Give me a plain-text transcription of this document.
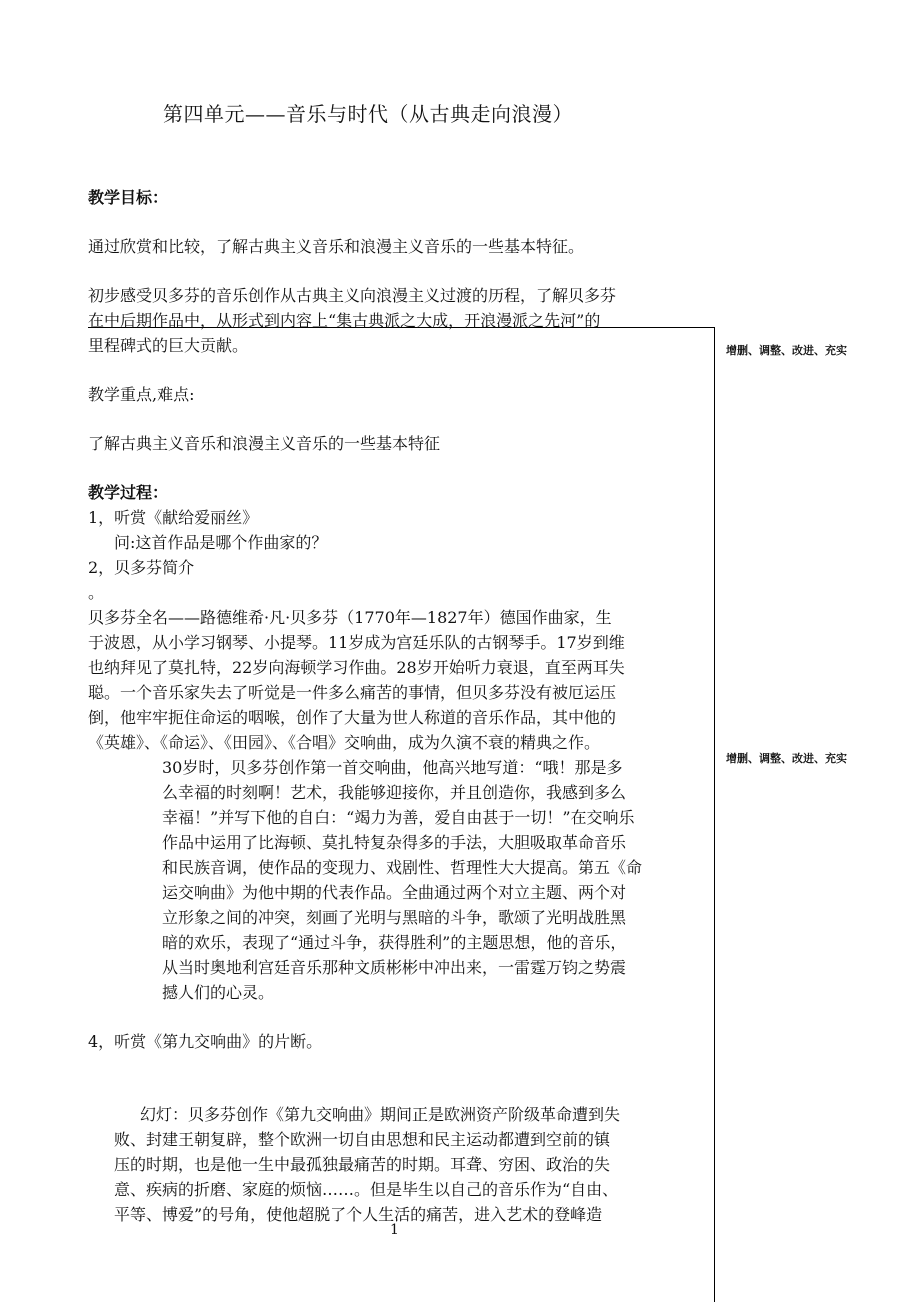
第四单元——音乐与时代（从古典走向浪漫）
增删、调整、改进、充实
增删、调整、改进、充实

教学目标：

通过欣赏和比较，了解古典主义音乐和浪漫主义音乐的一些基本特征。

初步感受贝多芬的音乐创作从古典主义向浪漫主义过渡的历程，了解贝多芬

在中后期作品中，从形式到内容上“集古典派之大成，开浪漫派之先河”的

里程碑式的巨大贡献。

教学重点,难点:

了解古典主义音乐和浪漫主义音乐的一些基本特征

教学过程：

1，听赏《献给爱丽丝》

问:这首作品是哪个作曲家的？

2，贝多芬简介

。

贝多芬全名——路德维希·凡·贝多芬（1770年—1827年）德国作曲家，生

于波恩，从小学习钢琴、小提琴。11岁成为宫廷乐队的古钢琴手。17岁到维

也纳拜见了莫扎特，22岁向海顿学习作曲。28岁开始听力衰退，直至两耳失

聪。一个音乐家失去了听觉是一件多么痛苦的事情，但贝多芬没有被厄运压

倒，他牢牢扼住命运的咽喉，创作了大量为世人称道的音乐作品，其中他的

《英雄》、《命运》、《田园》、《合唱》交响曲，成为久演不衰的精典之作。

30岁时，贝多芬创作第一首交响曲，他高兴地写道：“哦！那是多

么幸福的时刻啊！艺术，我能够迎接你，并且创造你，我感到多么

幸福！”并写下他的自白：“竭力为善，爱自由甚于一切！”在交响乐

作品中运用了比海顿、莫扎特复杂得多的手法，大胆吸取革命音乐

和民族音调，使作品的变现力、戏剧性、哲理性大大提高。第五《命

运交响曲》为他中期的代表作品。全曲通过两个对立主题、两个对

立形象之间的冲突，刻画了光明与黑暗的斗争，歌颂了光明战胜黑

暗的欢乐，表现了“通过斗争，获得胜利”的主题思想，他的音乐，

从当时奥地利宫廷音乐那种文质彬彬中冲出来，一雷霆万钧之势震

撼人们的心灵。

4，听赏《第九交响曲》的片断。

幻灯：贝多芬创作《第九交响曲》期间正是欧洲资产阶级革命遭到失

败、封建王朝复辟，整个欧洲一切自由思想和民主运动都遭到空前的镇

压的时期，也是他一生中最孤独最痛苦的时期。耳聋、穷困、政治的失

意、疾病的折磨、家庭的烦恼……。但是毕生以自己的音乐作为“自由、

平等、博爱”的号角，使他超脱了个人生活的痛苦，进入艺术的登峰造

1
